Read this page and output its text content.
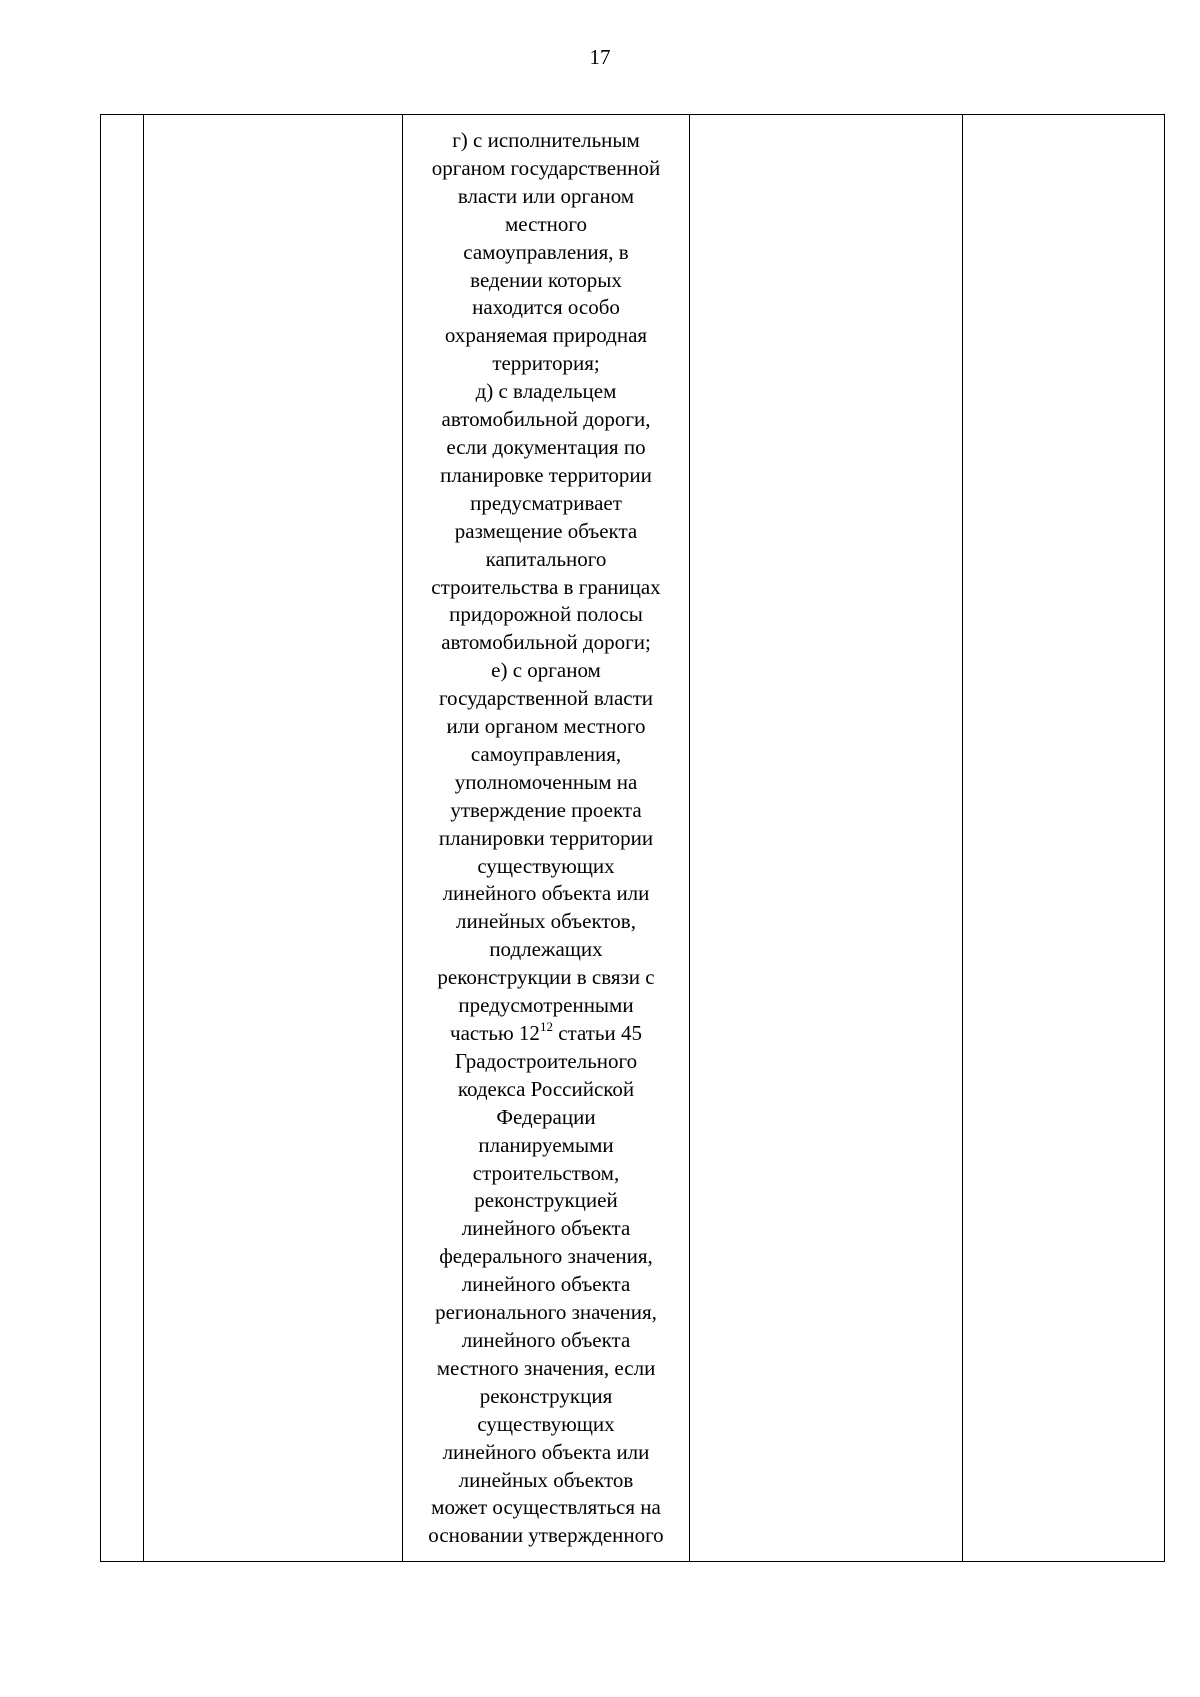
17

г) с исполнительным
органом государственной
власти или органом
местного
самоуправления, в
ведении которых
находится особо
охраняемая природная
территория;
д) с владельцем
автомобильной дороги,
если документация по
планировке территории
предусматривает
размещение объекта
капитального
строительства в границах
придорожной полосы
автомобильной дороги;
е) с органом
государственной власти
или органом местного
самоуправления,
уполномоченным на
утверждение проекта
планировки территории
существующих
линейного объекта или
линейных объектов,
подлежащих
реконструкции в связи с
предусмотренными
частью $12^{12}$ статьи 45
Градостроительного
кодекса Российской
Федерации
планируемыми
строительством,
реконструкцией
линейного объекта
федерального значения,
линейного объекта
регионального значения,
линейного объекта
местного значения, если
реконструкция
существующих
линейного объекта или
линейных объектов
может осуществляться на
основании утвержденного
